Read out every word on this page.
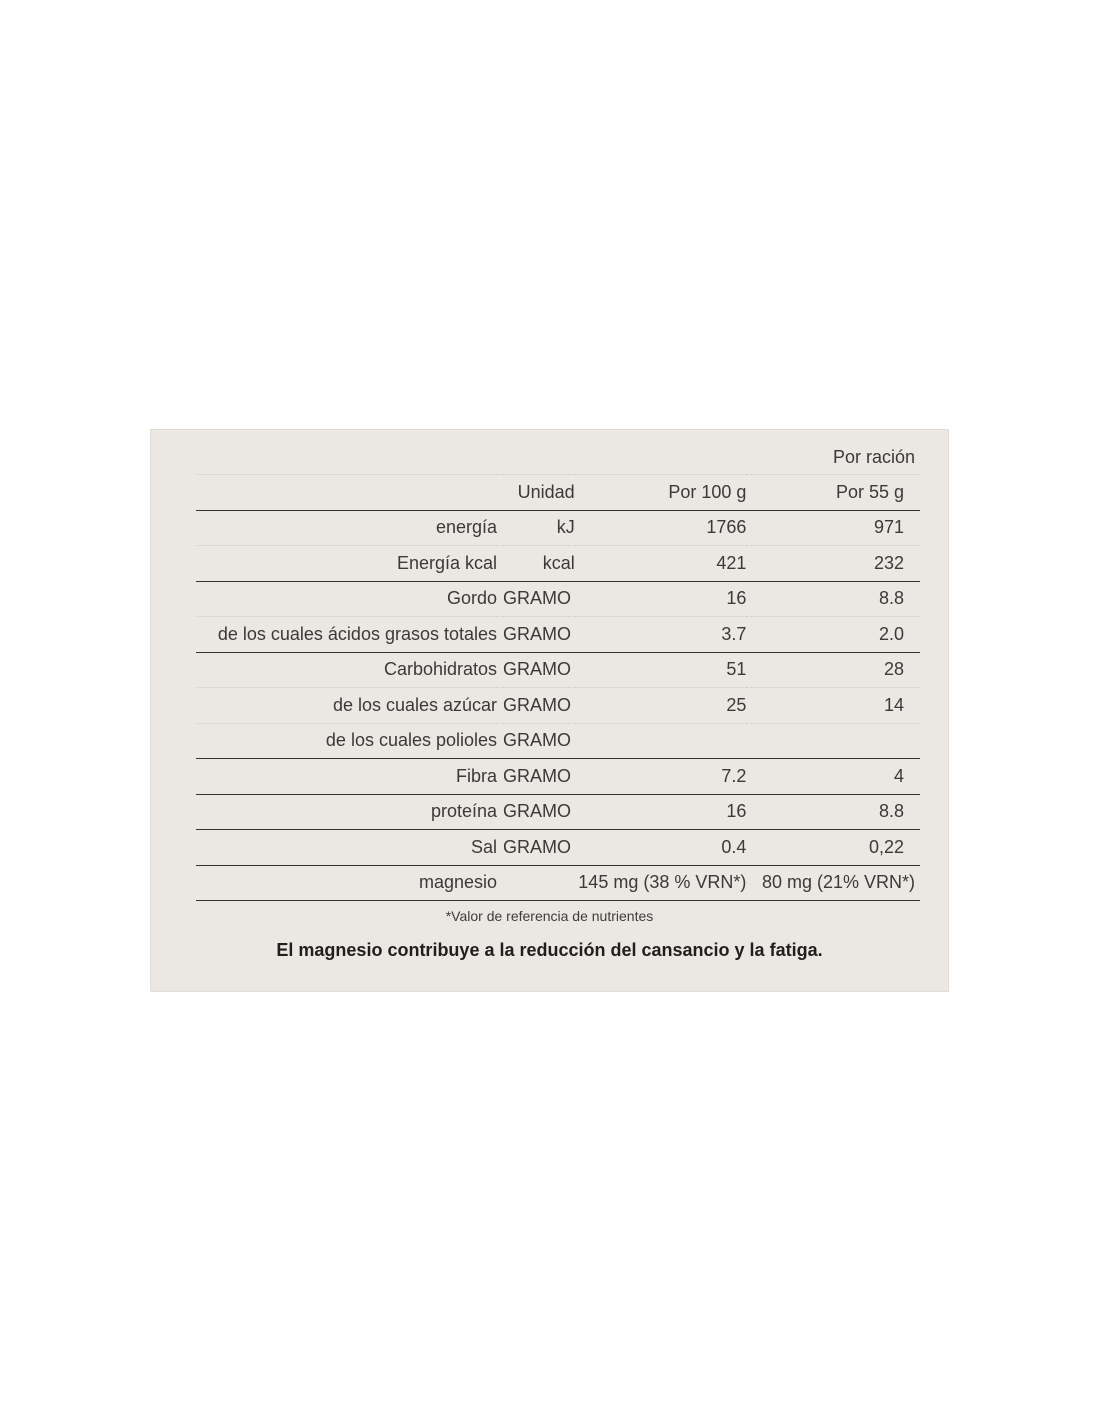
			Por ración
	Unidad	Por 100 g	Por 55 g
energía	kJ	1766	971
Energía kcal	kcal	421	232
Gordo	GRAMO	16	8.8
de los cuales ácidos grasos totales	GRAMO	3.7	2.0
Carbohidratos	GRAMO	51	28
de los cuales azúcar	GRAMO	25	14
de los cuales polioles	GRAMO		
Fibra	GRAMO	7.2	4
proteína	GRAMO	16	8.8
Sal	GRAMO	0.4	0,22
magnesio		145 mg (38 % VRN*)	80 mg (21% VRN*)
*Valor de referencia de nutrientes
El magnesio contribuye a la reducción del cansancio y la fatiga.
